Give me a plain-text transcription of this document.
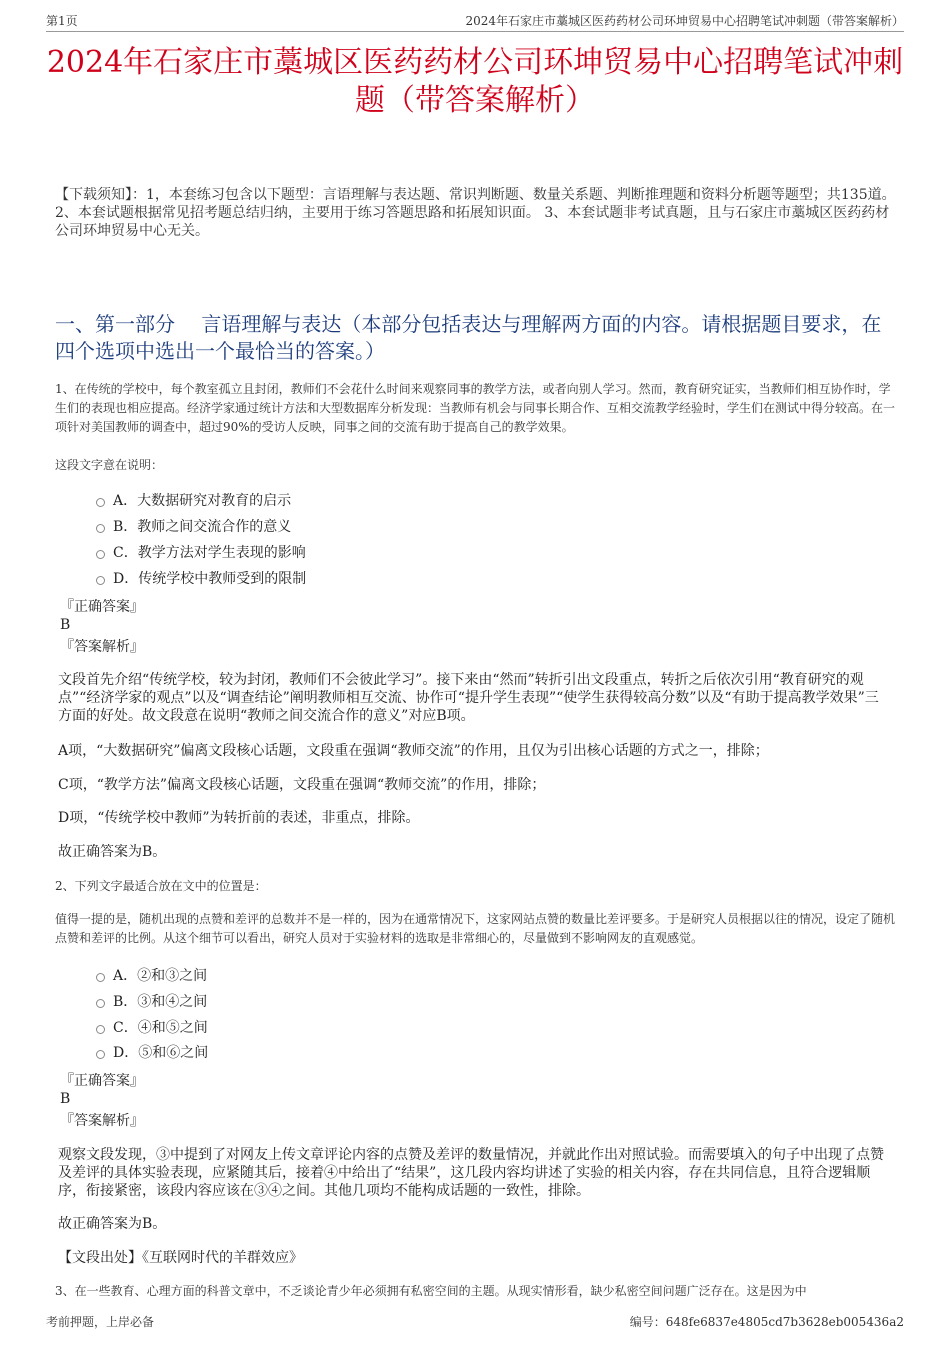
第1页	2024年石家庄市藁城区医药药材公司环坤贸易中心招聘笔试冲刺题（带答案解析）
2024年石家庄市藁城区医药药材公司环坤贸易中心招聘笔试冲刺题（带答案解析）
【下载须知】：1，本套练习包含以下题型：言语理解与表达题、常识判断题、数量关系题、判断推理题和资料分析题等题型；共135道。 2、本套试题根据常见招考题总结归纳，主要用于练习答题思路和拓展知识面。 3、本套试题非考试真题，且与石家庄市藁城区医药药材公司环坤贸易中心无关。
一、第一部分　 言语理解与表达（本部分包括表达与理解两方面的内容。请根据题目要求，在四个选项中选出一个最恰当的答案。）
1、在传统的学校中，每个教室孤立且封闭，教师们不会花什么时间来观察同事的教学方法，或者向别人学习。然而，教育研究证实，当教师们相互协作时，学生们的表现也相应提高。经济学家通过统计方法和大型数据库分析发现：当教师有机会与同事长期合作、互相交流教学经验时，学生们在测试中得分较高。在一项针对美国教师的调查中，超过90%的受访人反映，同事之间的交流有助于提高自己的教学效果。
这段文字意在说明：
A．大数据研究对教育的启示
B．教师之间交流合作的意义
C．教学方法对学生表现的影响
D．传统学校中教师受到的限制
『正确答案』
B
『答案解析』
文段首先介绍“传统学校，较为封闭，教师们不会彼此学习”。接下来由“然而”转折引出文段重点，转折之后依次引用“教育研究的观点”“经济学家的观点”以及“调查结论”阐明教师相互交流、协作可“提升学生表现”“使学生获得较高分数”以及“有助于提高教学效果”三方面的好处。故文段意在说明“教师之间交流合作的意义”对应B项。
A项，“大数据研究”偏离文段核心话题，文段重在强调“教师交流”的作用，且仅为引出核心话题的方式之一，排除；
C项，“教学方法”偏离文段核心话题，文段重在强调“教师交流”的作用，排除；
D项，“传统学校中教师”为转折前的表述，非重点，排除。
故正确答案为B。
2、下列文字最适合放在文中的位置是：
值得一提的是，随机出现的点赞和差评的总数并不是一样的，因为在通常情况下，这家网站点赞的数量比差评要多。于是研究人员根据以往的情况，设定了随机点赞和差评的比例。从这个细节可以看出，研究人员对于实验材料的选取是非常细心的，尽量做到不影响网友的直观感觉。
A．②和③之间
B．③和④之间
C．④和⑤之间
D．⑤和⑥之间
『正确答案』
B
『答案解析』
观察文段发现，③中提到了对网友上传文章评论内容的点赞及差评的数量情况，并就此作出对照试验。而需要填入的句子中出现了点赞及差评的具体实验表现，应紧随其后，接着④中给出了“结果”，这几段内容均讲述了实验的相关内容，存在共同信息，且符合逻辑顺序，衔接紧密，该段内容应该在③④之间。其他几项均不能构成话题的一致性，排除。
故正确答案为B。
【文段出处】《互联网时代的羊群效应》
3、在一些教育、心理方面的科普文章中，不乏谈论青少年必须拥有私密空间的主题。从现实情形看，缺少私密空间问题广泛存在。这是因为中
考前押题，上岸必备	编号：648fe6837e4805cd7b3628eb005436a2
